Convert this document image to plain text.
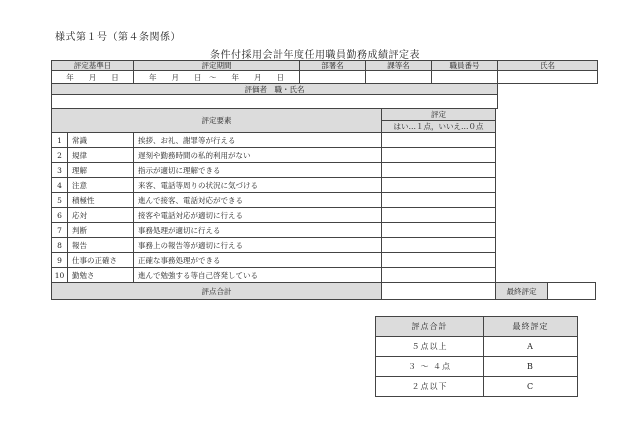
様式第１号（第４条関係）
条件付採用会計年度任用職員勤務成績評定表
評定基準日	評定期間	部署名	課等名	職員番号	氏名
年　　月　　日	年　　月　　日　～　　年　　月　　日				
評価者　職・氏名					

評定要素			評定		
			はい…１点，いいえ…０点		
1	常識	挨拶、お礼、謝罪等が行える			
2	規律	遅刻や勤務時間の私的利用がない			
3	理解	指示が適切に理解できる			
4	注意	来客、電話等周りの状況に気づける			
5	積極性	進んで接客、電話対応ができる			
6	応対	接客や電話対応が適切に行える			
7	判断	事務処理が適切に行える			
8	報告	事務上の報告等が適切に行える			
9	仕事の正確さ	正確な事務処理ができる			
10	勤勉さ	進んで勉強する等自己啓発している			
評点合計				最終評定	
評点合計	最終評定
５点以上	A
３ ～ ４点	B
２点以下	C
